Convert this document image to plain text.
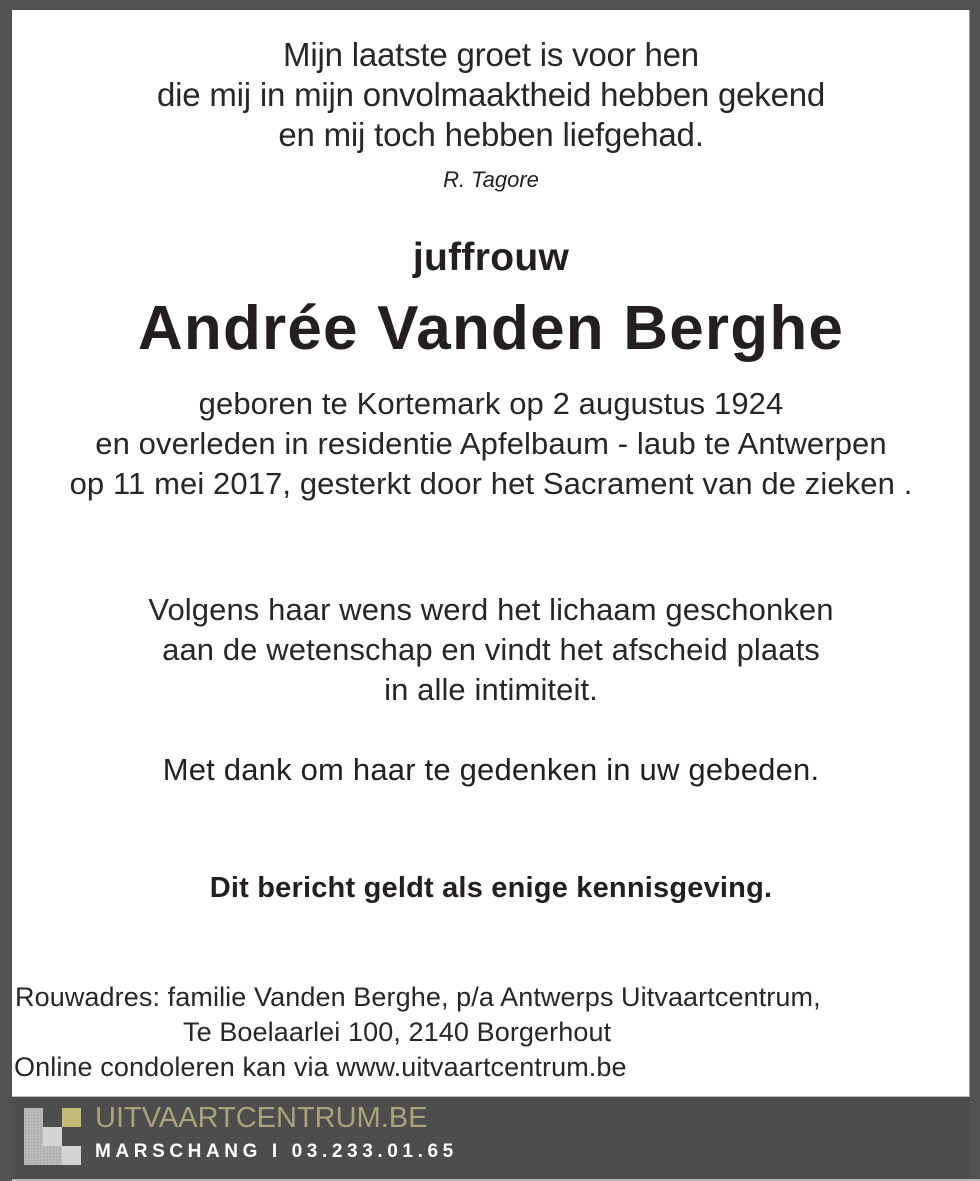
Mijn laatste groet is voor hen
die mij in mijn onvolmaaktheid hebben gekend
en mij toch hebben liefgehad.
R. Tagore
juffrouw
Andrée Vanden Berghe
geboren te Kortemark op 2 augustus 1924
en overleden in residentie Apfelbaum - laub te Antwerpen
op 11 mei 2017, gesterkt door het Sacrament van de zieken .
Volgens haar wens werd het lichaam geschonken
aan de wetenschap en vindt het afscheid plaats
in alle intimiteit.
Met dank om haar te gedenken in uw gebeden.
Dit bericht geldt als enige kennisgeving.
Rouwadres: familie Vanden Berghe, p/a Antwerps Uitvaartcentrum,
Te Boelaarlei 100, 2140 Borgerhout
Online condoleren kan via www.uitvaartcentrum.be
UITVAARTCENTRUM.BE
MARSCHANG I 03.233.01.65
